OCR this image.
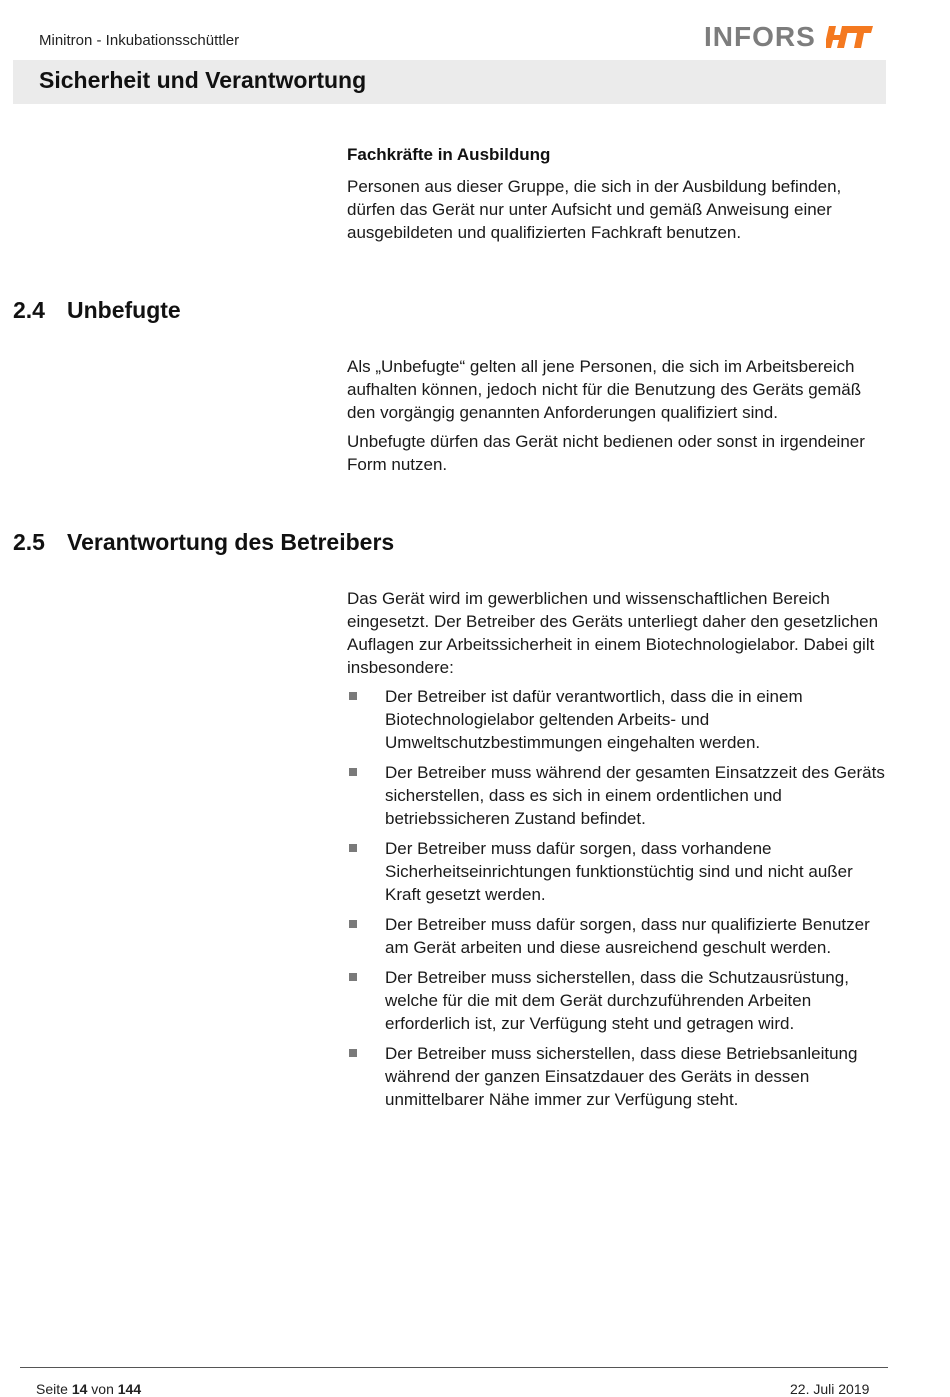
Minitron - Inkubationsschüttler	INFORS
Sicherheit und Verantwortung
Fachkräfte in Ausbildung
Personen aus dieser Gruppe, die sich in der Ausbildung befinden, dürfen das Gerät nur unter Aufsicht und gemäß Anweisung einer ausgebildeten und qualifizierten Fachkraft benutzen.
2.4 Unbefugte
Als „Unbefugte“ gelten all jene Personen, die sich im Arbeitsbereich aufhalten können, jedoch nicht für die Benutzung des Geräts gemäß den vorgängig genannten Anforderungen qualifiziert sind.
Unbefugte dürfen das Gerät nicht bedienen oder sonst in irgendeiner Form nutzen.
2.5 Verantwortung des Betreibers
Das Gerät wird im gewerblichen und wissenschaftlichen Bereich eingesetzt. Der Betreiber des Geräts unterliegt daher den gesetzlichen Auflagen zur Arbeitssicherheit in einem Biotechnologielabor. Dabei gilt insbesondere:
Der Betreiber ist dafür verantwortlich, dass die in einem Biotechnologielabor geltenden Arbeits- und Umweltschutzbestimmungen eingehalten werden.
Der Betreiber muss während der gesamten Einsatzzeit des Geräts sicherstellen, dass es sich in einem ordentlichen und betriebssicheren Zustand befindet.
Der Betreiber muss dafür sorgen, dass vorhandene Sicherheitseinrichtungen funktionstüchtig sind und nicht außer Kraft gesetzt werden.
Der Betreiber muss dafür sorgen, dass nur qualifizierte Benutzer am Gerät arbeiten und diese ausreichend geschult werden.
Der Betreiber muss sicherstellen, dass die Schutzausrüstung, welche für die mit dem Gerät durchzuführenden Arbeiten erforderlich ist, zur Verfügung steht und getragen wird.
Der Betreiber muss sicherstellen, dass diese Betriebsanleitung während der ganzen Einsatzdauer des Geräts in dessen unmittelbarer Nähe immer zur Verfügung steht.
Seite 14 von 144	22. Juli 2019
